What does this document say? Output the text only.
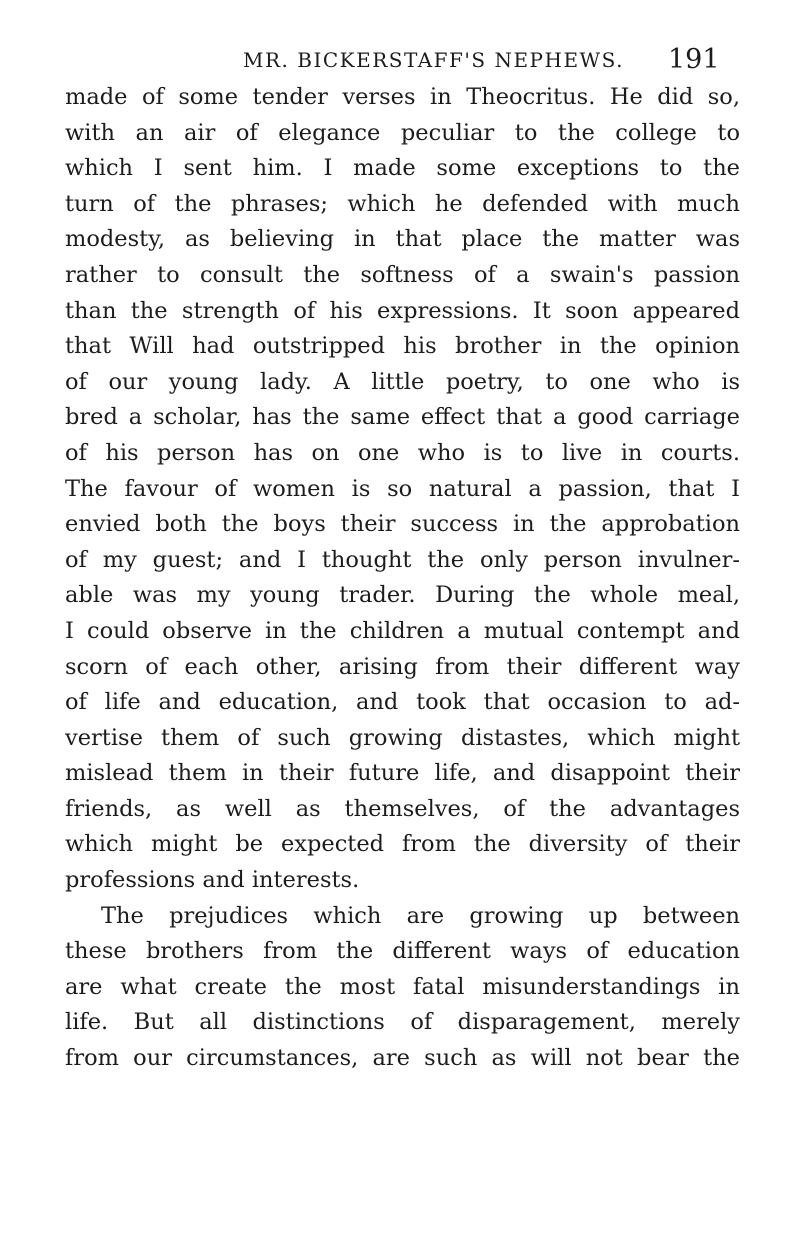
MR. BICKERSTAFF'S NEPHEWS. 191
made of some tender verses in Theocritus. He did so,
with an air of elegance peculiar to the college to
which I sent him. I made some exceptions to the
turn of the phrases; which he defended with much
modesty, as believing in that place the matter was
rather to consult the softness of a swain's passion
than the strength of his expressions. It soon appeared
that Will had outstripped his brother in the opinion
of our young lady. A little poetry, to one who is
bred a scholar, has the same effect that a good carriage
of his person has on one who is to live in courts.
The favour of women is so natural a passion, that I
envied both the boys their success in the approbation
of my guest; and I thought the only person invulner-
able was my young trader. During the whole meal,
I could observe in the children a mutual contempt and
scorn of each other, arising from their different way
of life and education, and took that occasion to ad-
vertise them of such growing distastes, which might
mislead them in their future life, and disappoint their
friends, as well as themselves, of the advantages
which might be expected from the diversity of their
professions and interests.
The prejudices which are growing up between
these brothers from the different ways of education
are what create the most fatal misunderstandings in
life. But all distinctions of disparagement, merely
from our circumstances, are such as will not bear the
